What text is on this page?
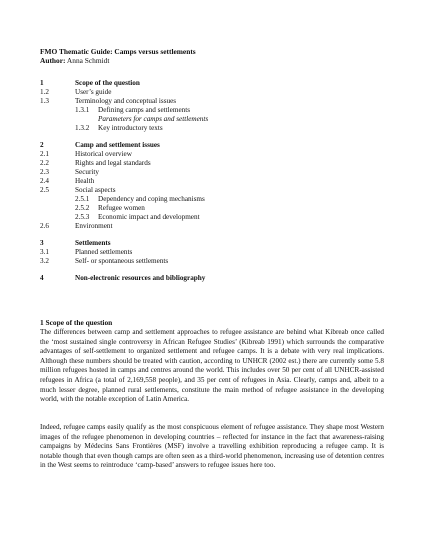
FMO Thematic Guide: Camps versus settlements
Author: Anna Schmidt
1	Scope of the question
1.2	User’s guide
1.3	Terminology and conceptual issues
1.3.1 Defining camps and settlements
Parameters for camps and settlements
1.3.2 Key introductory texts
2	Camp and settlement issues
2.1	Historical overview
2.2	Rights and legal standards
2.3	Security
2.4	Health
2.5	Social aspects
2.5.1 Dependency and coping mechanisms
2.5.2 Refugee women
2.5.3 Economic impact and development
2.6	Environment
3	Settlements
3.1	Planned settlements
3.2	Self- or spontaneous settlements
4	Non-electronic resources and bibliography
1 Scope of the question

The differences between camp and settlement approaches to refugee assistance are behind what Kibreab once called the ‘most sustained single controversy in African Refugee Studies’ (Kibreab 1991) which surrounds the comparative advantages of self-settlement to organized settlement and refugee camps. It is a debate with very real implications. Although these numbers should be treated with caution, according to UNHCR (2002 est.) there are currently some 5.8 million refugees hosted in camps and centres around the world. This includes over 50 per cent of all UNHCR-assisted refugees in Africa (a total of 2,169,558 people), and 35 per cent of refugees in Asia. Clearly, camps and, albeit to a much lesser degree, planned rural settlements, constitute the main method of refugee assistance in the developing world, with the notable exception of Latin America.

Indeed, refugee camps easily qualify as the most conspicuous element of refugee assistance. They shape most Western images of the refugee phenomenon in developing countries – reflected for instance in the fact that awareness-raising campaigns by Médecins Sans Frontières (MSF) involve a travelling exhibition reproducing a refugee camp. It is notable though that even though camps are often seen as a third-world phenomenon, increasing use of detention centres in the West seems to reintroduce ‘camp-based’ answers to refugee issues here too.
